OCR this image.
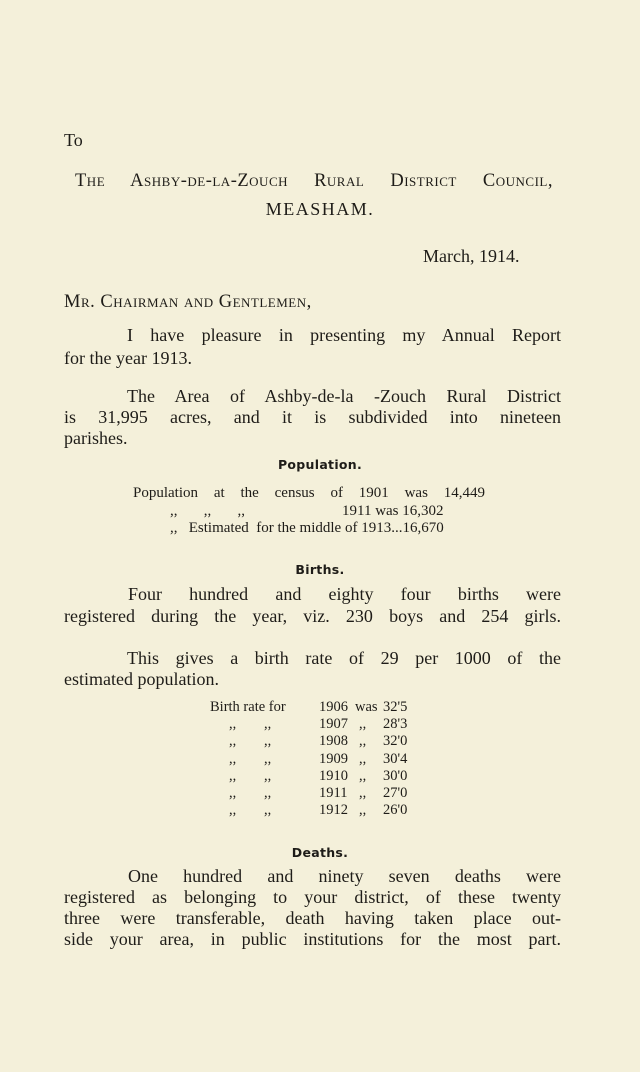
To
The Ashby-de-la-Zouch Rural District Council,
MEASHAM.
March, 1914.
Mr. Chairman and Gentlemen,
I have pleasure in presenting my Annual Report
for the year 1913.
The Area of Ashby-de-la -Zouch Rural District
is 31,995 acres, and it is subdivided into nineteen
parishes.
Population.
Population at the census of 1901 was 14,449
,,       ,,       ,,	1911 was 16,302
,,   Estimated  for the middle of 1913...16,670
Births.
Four hundred and eighty four births were
registered during the year, viz. 230 boys and 254 girls.
This gives a birth rate of 29 per 1000 of the
estimated population.
Birth rate for 1906 was 32'5
,, ,,	1907 ,, 28'3
,, ,,	1908 ,, 32'0
,, ,,	1909 ,, 30'4
,, ,,	1910 ,, 30'0
,, ,,	1911 ,, 27'0
,, ,,	1912 ,, 26'0
Deaths.
One hundred and ninety seven deaths were
registered as belonging to your district, of these twenty
three were transferable, death having taken place out-
side your area, in public institutions for the most part.
